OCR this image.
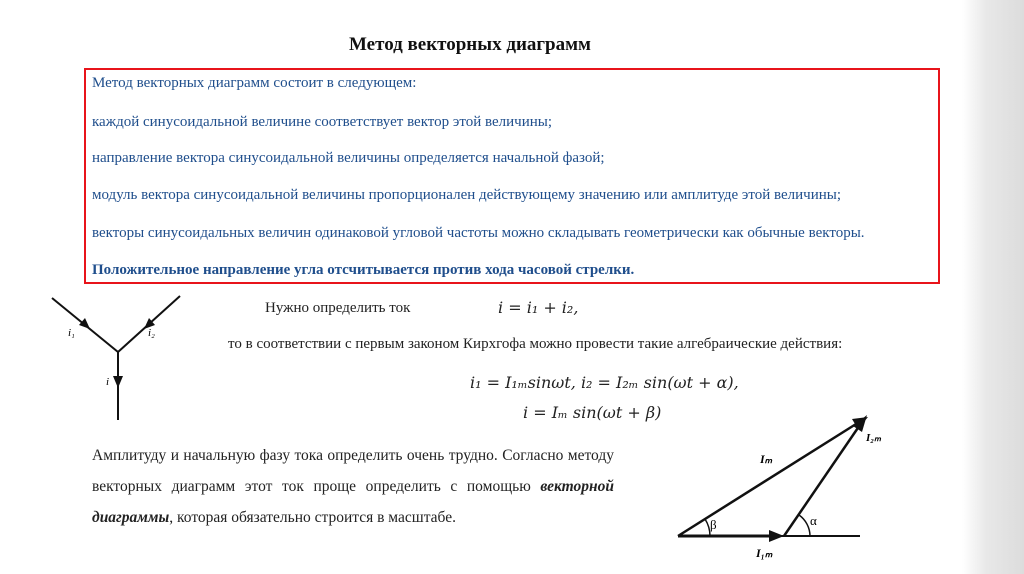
Метод векторных диаграмм
Метод векторных диаграмм состоит в следующем:
каждой синусоидальной величине соответствует вектор этой величины;
направление вектора синусоидальной величины определяется начальной фазой;
модуль вектора синусоидальной величины пропорционален действующему значению или амплитуде этой величины;
векторы синусоидальных величин одинаковой угловой частоты можно складывать геометрически как обычные векторы.
Положительное направление угла отсчитывается против хода часовой стрелки.
i₁	i₂
i
Нужно определить ток	i = i₁ + i₂,
то в соответствии с первым законом Кирхгофа можно провести такие алгебраические действия:
i₁ = I₁ₘsinωt, i₂ = I₂ₘ sin(ωt + α),
i = Iₘ sin(ωt + β)
Амплитуду и начальную фазу тока определить очень трудно. Согласно методу векторных диаграмм этот ток проще определить с помощью векторной диаграммы, которая обязательно строится в масштабе.
Iₘ
I₂ₘ
I₁ₘ
β	α
